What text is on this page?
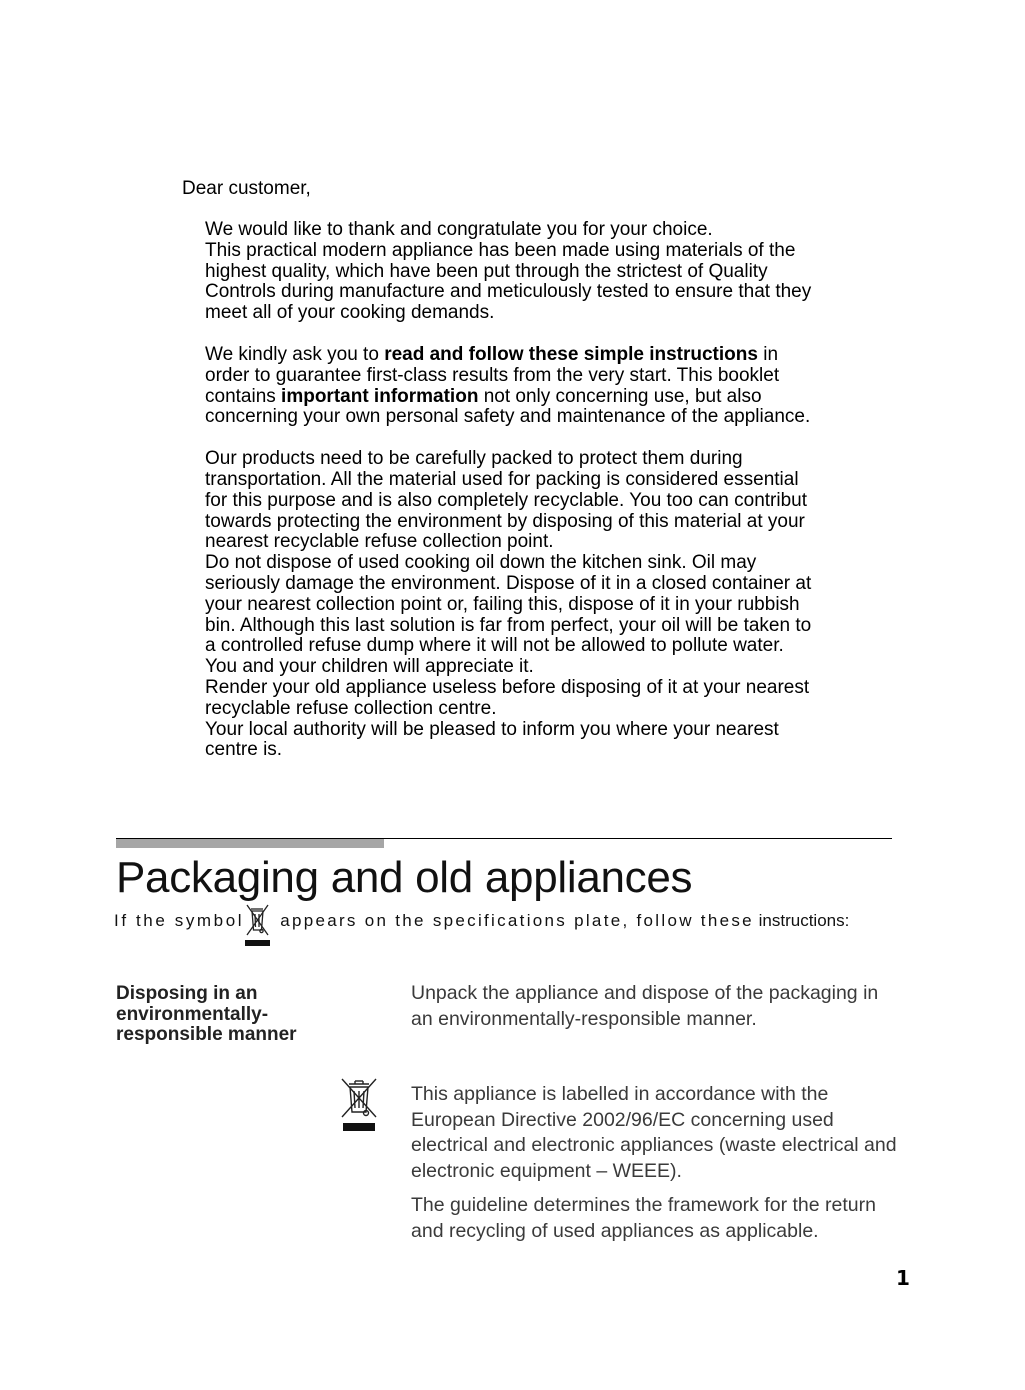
Dear customer,

We would like to thank and congratulate you for your choice.
This practical modern appliance has been made using materials of the highest quality, which have been put through the strictest of Quality Controls during manufacture and meticulously tested to ensure that they meet all of your cooking demands.

We kindly ask you to read and follow these simple instructions in order to guarantee first-class results from the very start. This booklet contains important information not only concerning use, but also concerning your own personal safety and maintenance of the appliance.

Our products need to be carefully packed to protect them during transportation. All the material used for packing is considered essential for this purpose and is also completely recyclable. You too can contribut towards protecting the environment by disposing of this material at your nearest recyclable refuse collection point.
Do not dispose of used cooking oil down the kitchen sink. Oil may seriously damage the environment. Dispose of it in a closed container at your nearest collection point or, failing this, dispose of it in your rubbish bin. Although this last solution is far from perfect, your oil will be taken to a controlled refuse dump where it will not be allowed to pollute water. You and your children will appreciate it.
Render your old appliance useless before disposing of it at your nearest recyclable refuse collection centre.
Your local authority will be pleased to inform you where your nearest centre is.

Packaging and old appliances
If the symbol appears on the specifications plate, follow these instructions:

Disposing in an environmentally-responsible manner

Unpack the appliance and dispose of the packaging in an environmentally-responsible manner.

This appliance is labelled in accordance with the European Directive 2002/96/EC concerning used electrical and electronic appliances (waste electrical and electronic equipment – WEEE).

The guideline determines the framework for the return and recycling of used appliances as applicable.

1
